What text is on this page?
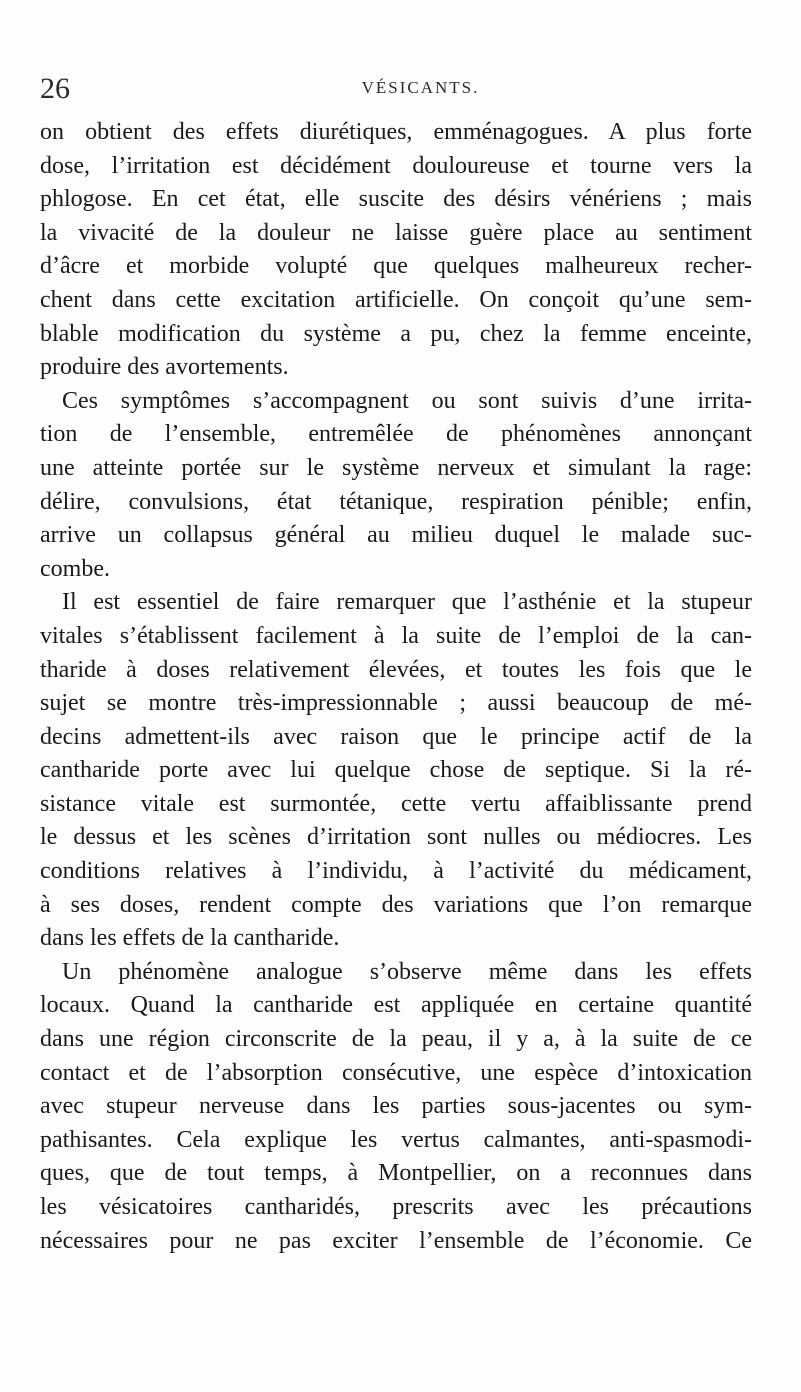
26	VÉSICANTS.
on obtient des effets diurétiques, emménagogues. A plus forte
dose, l’irritation est décidément douloureuse et tourne vers la
phlogose. En cet état, elle suscite des désirs vénériens ; mais
la vivacité de la douleur ne laisse guère place au sentiment
d’âcre et morbide volupté que quelques malheureux recher-
chent dans cette excitation artificielle. On conçoit qu’une sem-
blable modification du système a pu, chez la femme enceinte,
produire des avortements.
Ces symptômes s’accompagnent ou sont suivis d’une irrita-
tion de l’ensemble, entremêlée de phénomènes annonçant
une atteinte portée sur le système nerveux et simulant la rage:
délire, convulsions, état tétanique, respiration pénible; enfin,
arrive un collapsus général au milieu duquel le malade suc-
combe.
Il est essentiel de faire remarquer que l’asthénie et la stupeur
vitales s’établissent facilement à la suite de l’emploi de la can-
tharide à doses relativement élevées, et toutes les fois que le
sujet se montre très-impressionnable ; aussi beaucoup de mé-
decins admettent-ils avec raison que le principe actif de la
cantharide porte avec lui quelque chose de septique. Si la ré-
sistance vitale est surmontée, cette vertu affaiblissante prend
le dessus et les scènes d’irritation sont nulles ou médiocres. Les
conditions relatives à l’individu, à l’activité du médicament,
à ses doses, rendent compte des variations que l’on remarque
dans les effets de la cantharide.
Un phénomène analogue s’observe même dans les effets
locaux. Quand la cantharide est appliquée en certaine quantité
dans une région circonscrite de la peau, il y a, à la suite de ce
contact et de l’absorption consécutive, une espèce d’intoxication
avec stupeur nerveuse dans les parties sous-jacentes ou sym-
pathisantes. Cela explique les vertus calmantes, anti-spasmodi-
ques, que de tout temps, à Montpellier, on a reconnues dans
les vésicatoires cantharidés, prescrits avec les précautions
nécessaires pour ne pas exciter l’ensemble de l’économie. Ce
